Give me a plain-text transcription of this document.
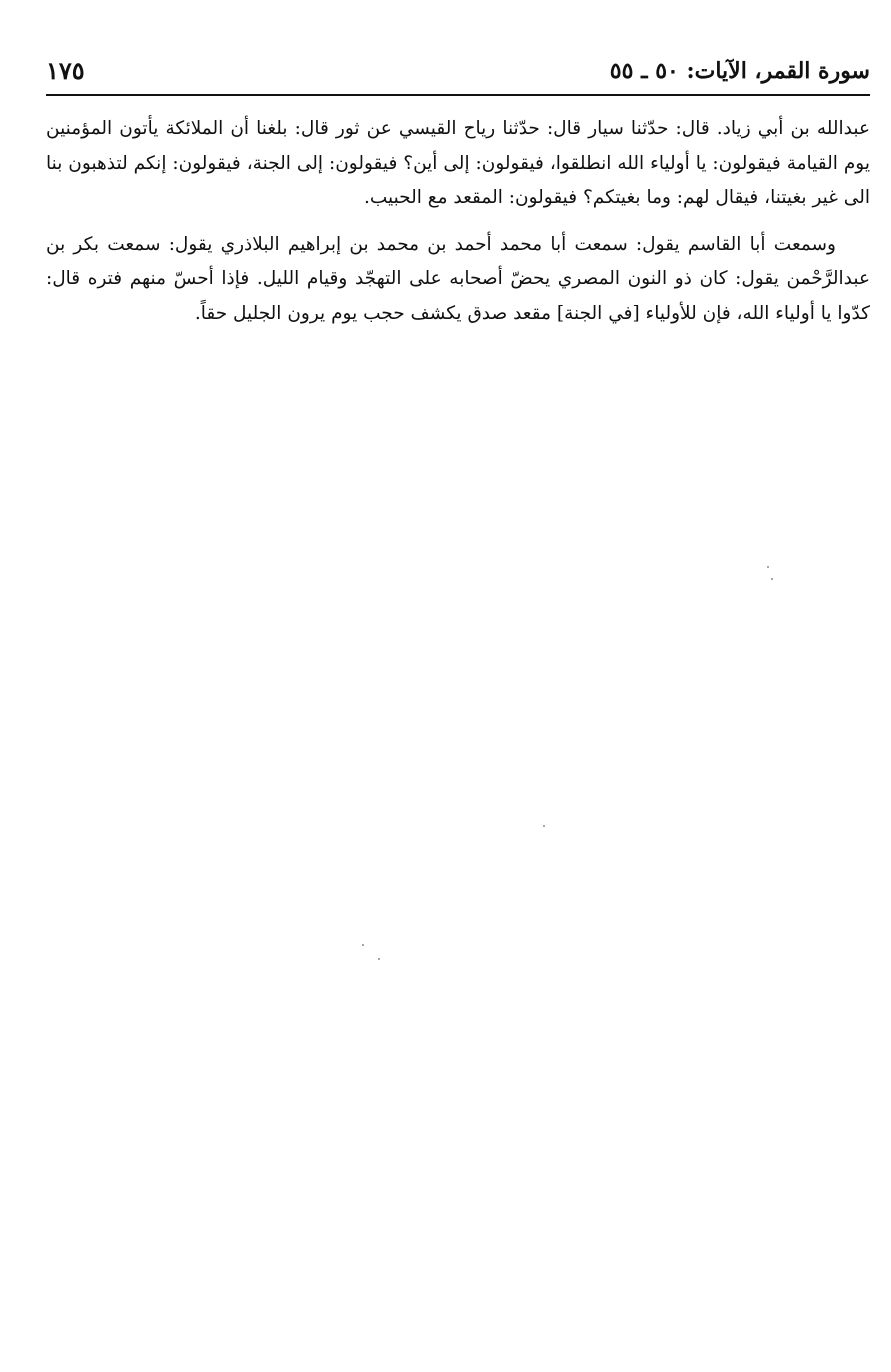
سورة القمر، الآيات: ٥٠ ـ ٥٥
١٧٥

عبدالله بن أبي زياد. قال: حدّثنا سيار قال: حدّثنا رياح القيسي عن ثور قال: بلغنا أن الملائكة يأتون المؤمنين يوم القيامة فيقولون: يا أولياء الله انطلقوا، فيقولون: إلى أين؟ فيقولون: إلى الجنة، فيقولون: إنكم لتذهبون بنا الى غير بغيتنا، فيقال لهم: وما بغيتكم؟ فيقولون: المقعد مع الحبيب.

وسمعت أبا القاسم يقول: سمعت أبا محمد أحمد بن محمد بن إبراهيم البلاذري يقول: سمعت بكر بن عبدالرَّحْمن يقول: كان ذو النون المصري يحضّ أصحابه على التهجّد وقيام الليل. فإذا أحسّ منهم فتره قال: كدّوا يا أولياء الله، فإن للأولياء [في الجنة] مقعد صدق يكشف حجب يوم يرون الجليل حقاً.
